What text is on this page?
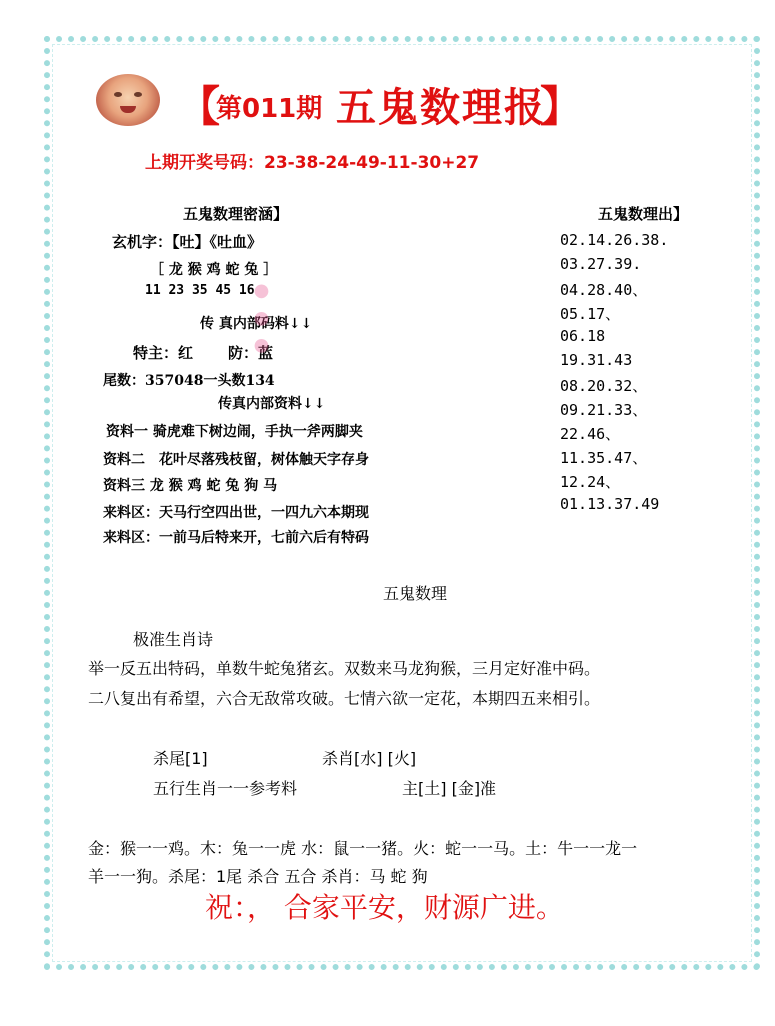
【
第011期 五鬼数理报
】
上期开奖号码：23-38-24-49-11-30+27
五鬼数理密涵】
玄机字：【吐】《吐血》
［ 龙 猴 鸡 蛇 兔 ］
11 23 35 45 16
传 真内部码料↓↓
特主：红 防：蓝
尾数：357048一头数134
传真内部资料↓↓
资料一 骑虎难下树边闹，手执一斧两脚夹
资料二　花叶尽落残枝留，树体触天字存身
资料三 龙 猴 鸡 蛇 兔 狗 马
来料区：天马行空四出世，一四九六本期现
来料区：一前马后特来开，七前六后有特码
● ● ●
五鬼数理出】
02.14.26.38.
03.27.39.
04.28.40、
05.17、
06.18
19.31.43
08.20.32、
09.21.33、
22.46、
11.35.47、
12.24、
01.13.37.49
五鬼数理
极准生肖诗
举一反五出特码，单数牛蛇兔猪玄。双数来马龙狗猴，三月定好准中码。
二八复出有希望，六合无敌常攻破。七情六欲一定花，本期四五来相引。
杀尾[1]	杀肖[水] [火]
五行生肖一一参考料	主[土] [金]准
金：猴一一鸡。木：兔一一虎 水：鼠一一猪。火：蛇一一马。土：牛一一龙一
羊一一狗。杀尾：1尾 杀合 五合 杀肖：马 蛇 狗
祝：， 合家平安，财源广进。
